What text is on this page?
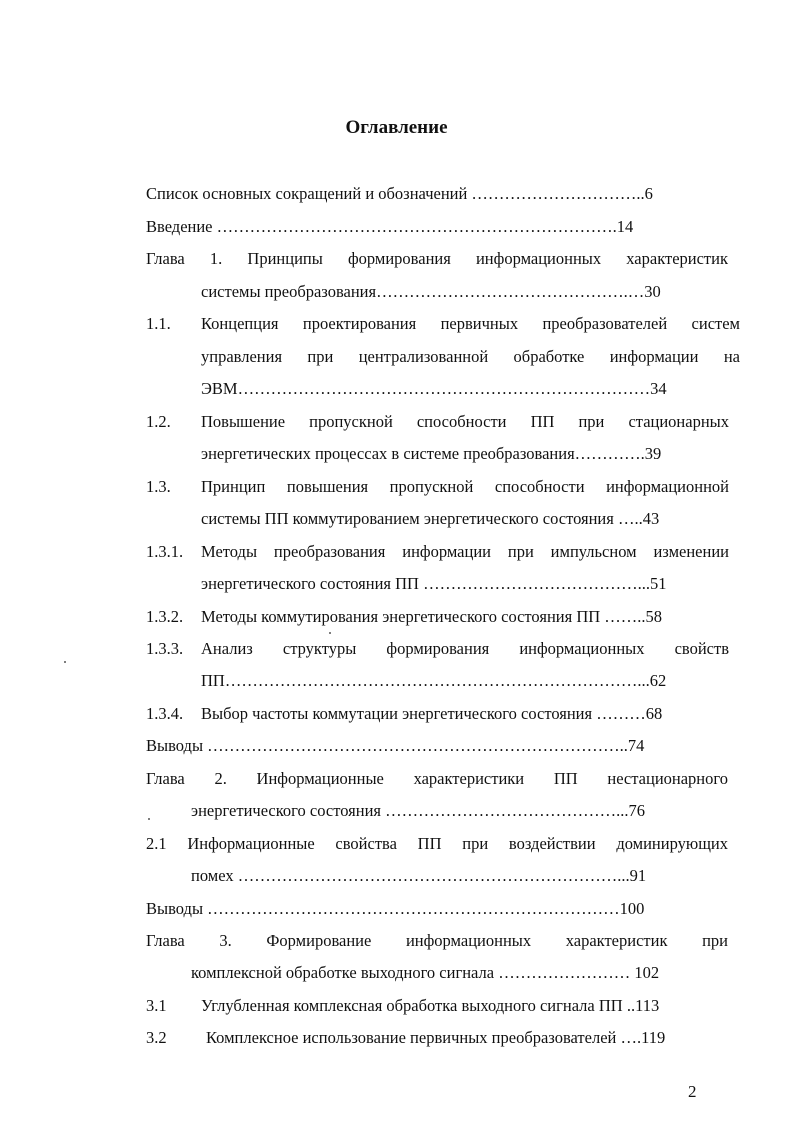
Оглавление
Список основных сокращений и обозначений …………………………..6
Введение ……………………………………………………………….14
Глава 1. Принципы формирования информационных характеристик
системы преобразования……………………………………….…30
1.1. Концепция проектирования первичных преобразователей систем
управления при централизованной обработке информации на
ЭВМ…………………………………………………………………34
1.2. Повышение пропускной способности ПП при стационарных
энергетических процессах в системе преобразования………….39
1.3. Принцип повышения пропускной способности информационной
системы ПП коммутированием энергетического состояния …..43
1.3.1. Методы преобразования информации при импульсном изменении
энергетического состояния ПП …………………………………...51
1.3.2. Методы коммутирования энергетического состояния ПП ……..58
1.3.3. Анализ структуры формирования информационных свойств
ПП…………………………………………………………………...62
1.3.4. Выбор частоты коммутации энергетического состояния ………68
Выводы …………………………………………………………………..74
Глава 2. Информационные характеристики ПП нестационарного
энергетического состояния ……………………………………...76
2.1 Информационные свойства ПП при воздействии доминирующих
помех ……………………………………………………………...91
Выводы …………………………………………………………………100
Глава 3. Формирование информационных характеристик при
комплексной обработке выходного сигнала …………………… 102
3.1 Углубленная комплексная обработка выходного сигнала ПП ..113
3.2 Комплексное использование первичных преобразователей ….119
2
